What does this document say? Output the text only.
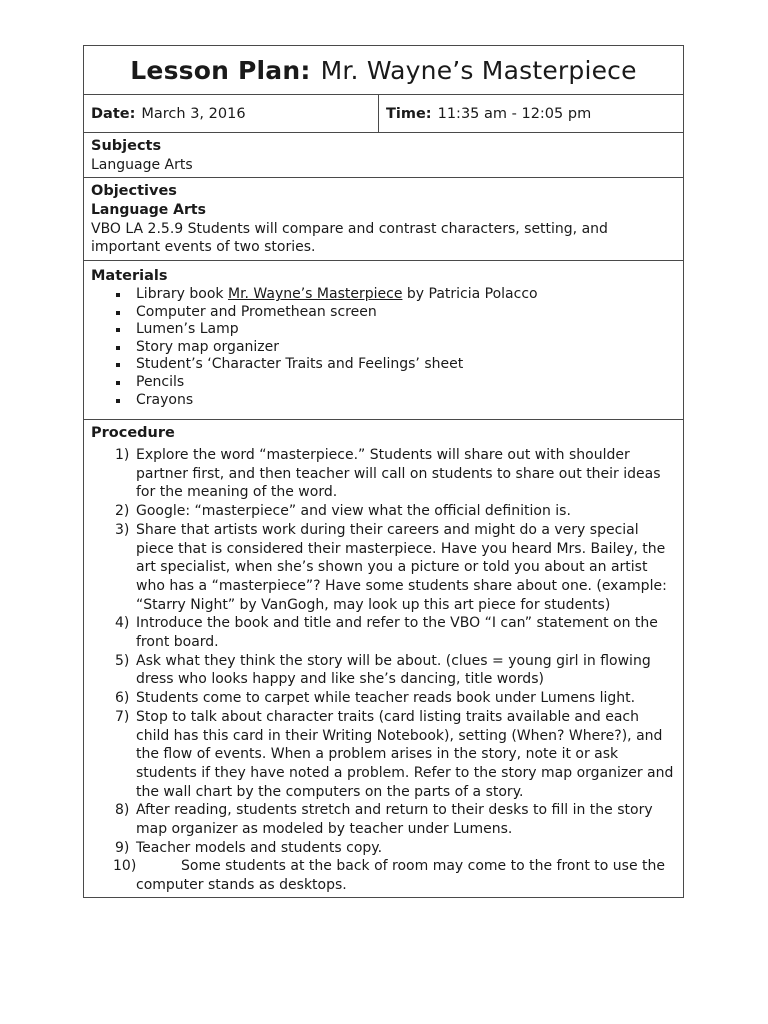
Lesson Plan: Mr. Wayne’s Masterpiece
Date: March 3, 2016	Time: 11:35 am - 12:05 pm
Subjects
Language Arts
Objectives
Language Arts
VBO LA 2.5.9 Students will compare and contrast characters, setting, and important events of two stories.
Materials
Library book Mr. Wayne’s Masterpiece by Patricia Polacco
Computer and Promethean screen
Lumen’s Lamp
Story map organizer
Student’s ‘Character Traits and Feelings’ sheet
Pencils
Crayons
Procedure
1) Explore the word “masterpiece.” Students will share out with shoulder partner first, and then teacher will call on students to share out their ideas for the meaning of the word.
2) Google: “masterpiece” and view what the official definition is.
3) Share that artists work during their careers and might do a very special piece that is considered their masterpiece. Have you heard Mrs. Bailey, the art specialist, when she’s shown you a picture or told you about an artist who has a “masterpiece”? Have some students share about one. (example: “Starry Night” by VanGogh, may look up this art piece for students)
4) Introduce the book and title and refer to the VBO “I can” statement on the front board.
5) Ask what they think the story will be about. (clues = young girl in flowing dress who looks happy and like she’s dancing, title words)
6) Students come to carpet while teacher reads book under Lumens light.
7) Stop to talk about character traits (card listing traits available and each child has this card in their Writing Notebook), setting (When? Where?), and the flow of events. When a problem arises in the story, note it or ask students if they have noted a problem. Refer to the story map organizer and the wall chart by the computers on the parts of a story.
8) After reading, students stretch and return to their desks to fill in the story map organizer as modeled by teacher under Lumens.
9) Teacher models and students copy.
10)	Some students at the back of room may come to the front to use the computer stands as desktops.
